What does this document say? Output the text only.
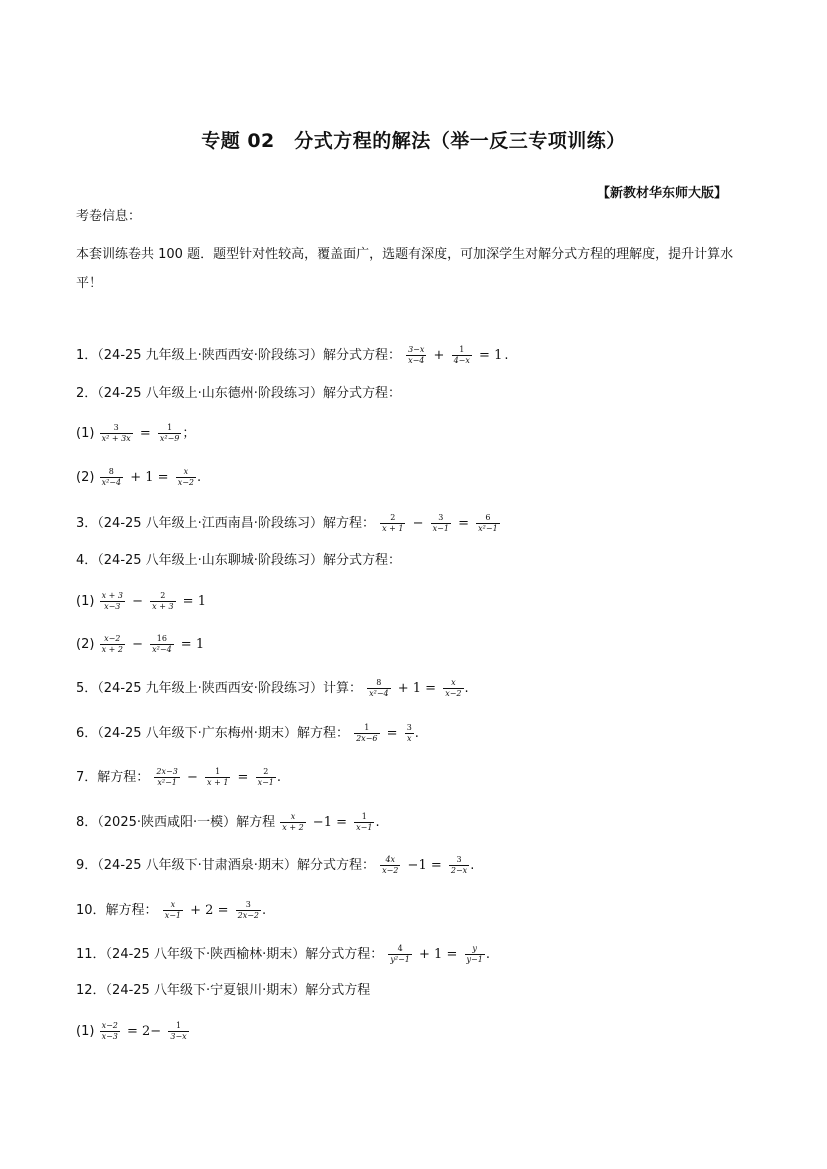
专题 02　分式方程的解法（举一反三专项训练）
【新教材华东师大版】
考卷信息：
本套训练卷共 100 题．题型针对性较高，覆盖面广，选题有深度，可加深学生对解分式方程的理解度，提升计算水平！
1．（24-25 九年级上·陕西西安·阶段练习）解分式方程： $\frac{3-x}{x-4} + \frac{1}{4-x} = 1$ .
2．（24-25 八年级上·山东德州·阶段练习）解分式方程：
$(1) \frac{3}{\text{x² + 3x}} = \frac{1}{\text{x²−9}}$ ；
$(2) \frac{8}{\text{x²−4}} + 1 = \frac{x}{x-2}$ .
3．（24-25 八年级上·江西南昌·阶段练习）解方程： $\frac{2}{x + 1} - \frac{3}{x-1} = \frac{6}{\text{x²−1}}$
4．（24-25 八年级上·山东聊城·阶段练习）解分式方程：
$(1) \frac{x + 3}{x-3} - \frac{2}{x + 3} = 1$
$(2) \frac{x-2}{x + 2} - \frac{16}{\text{x²−4}} = 1$
5．（24-25 九年级上·陕西西安·阶段练习）计算： $\frac{8}{\text{x²−4}} + 1 = \frac{x}{x-2}$ .
6．（24-25 八年级下·广东梅州·期末）解方程： $\frac{1}{2x-6} = \frac{3}{x}$ .
7．解方程： $\frac{2x-3}{\text{x²−1}} - \frac{1}{x + 1} = \frac{2}{x-1}$ .
8．（2025·陕西咸阳·一模）解方程 $\frac{x}{x + 2} -1 = \frac{1}{x-1}$ .
9．（24-25 八年级下·甘肃酒泉·期末）解分式方程： $\frac{4x}{x-2} -1 = \frac{3}{2-x}$ .
10．解方程： $\frac{x}{x-1} + 2 = \frac{3}{2x-2}$ .
11．（24-25 八年级下·陕西榆林·期末）解分式方程： $\frac{4}{\text{y²−1}} + 1 = \frac{y}{y-1}$ .
12．（24-25 八年级下·宁夏银川·期末）解分式方程
$(1) \frac{x-2}{x-3} = 2- \frac{1}{3-x}$
